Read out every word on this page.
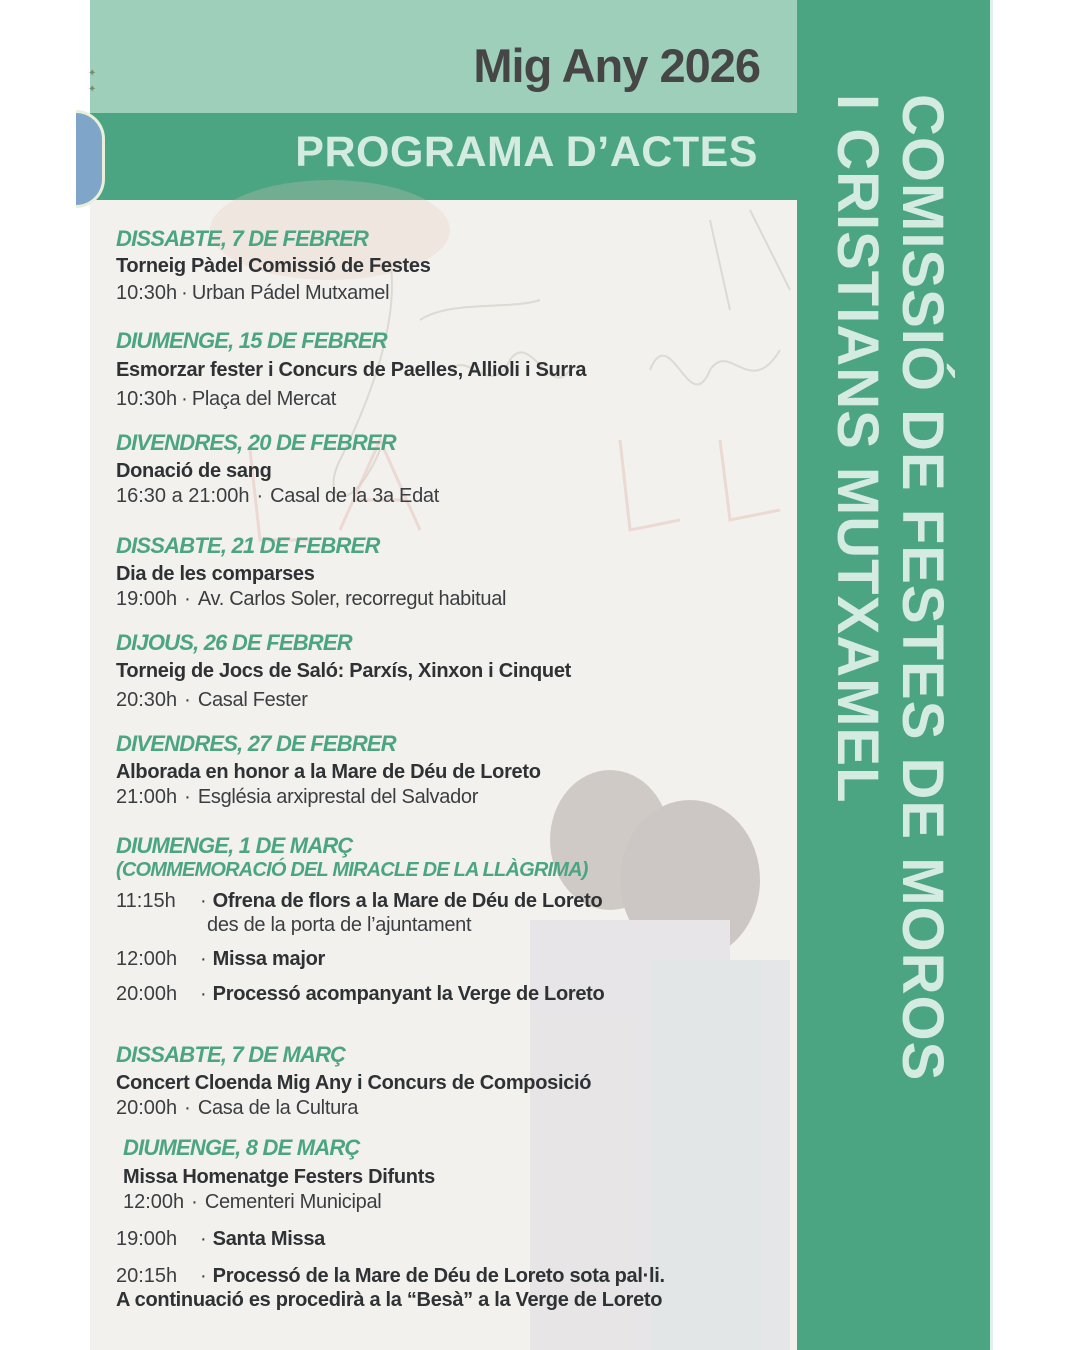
✦
✦	Mig Any 2026
PROGRAMA D’ACTES COMISSIÓ DE FESTES DE MOROS
I CRISTIANS MUTXAMEL
DISSABTE, 7 DE FEBRER
Torneig Pàdel Comissió de Festes
10:30h · Urban Pádel Mutxamel
DIUMENGE, 15 DE FEBRER
Esmorzar fester i Concurs de Paelles, Allioli i Surra
10:30h · Plaça del Mercat
DIVENDRES, 20 DE FEBRER
Donació de sang
16:30 a 21:00h · Casal de la 3a Edat
DISSABTE, 21 DE FEBRER
Dia de les comparses
19:00h · Av. Carlos Soler, recorregut habitual
DIJOUS, 26 DE FEBRER
Torneig de Jocs de Saló: Parxís, Xinxon i Cinquet
20:30h · Casal Fester
DIVENDRES, 27 DE FEBRER
Alborada en honor a la Mare de Déu de Loreto
21:00h · Església arxiprestal del Salvador
DIUMENGE, 1 DE MARÇ
(COMMEMORACIÓ DEL MIRACLE DE LA LLÀGRIMA)
11:15h	· Ofrena de flors a la Mare de Déu de Loreto
des de la porta de l’ajuntament
12:00h	· Missa major
20:00h	· Processó acompanyant la Verge de Loreto
DISSABTE, 7 DE MARÇ
Concert Cloenda Mig Any i Concurs de Composició
20:00h · Casa de la Cultura
DIUMENGE, 8 DE MARÇ
Missa Homenatge Festers Difunts
12:00h · Cementeri Municipal
19:00h	· Santa Missa
20:15h	· Processó de la Mare de Déu de Loreto sota pal·li.
A continuació es procedirà a la “Besà” a la Verge de Loreto
